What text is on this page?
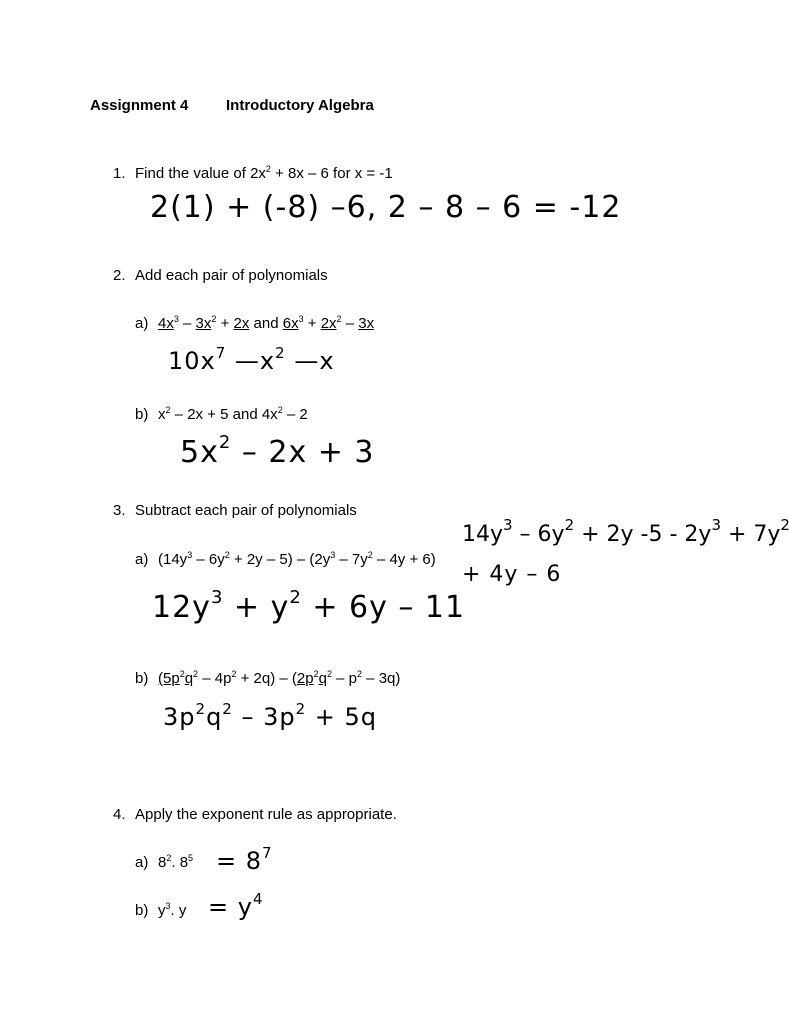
Assignment 4	Introductory Algebra
1. Find the value of $2x^2 + 8x - 6$ for x = -1
2(1) + (-8) –6, 2 – 8 – 6 = -12
2. Add each pair of polynomials
a) $4x^3 - 3x^2 + 2x$ and $6x^3 + 2x^2 - 3x$
$10x^7$ $—x^2$ —x
b) $x^2 - 2x + 5$ and $4x^2 - 2$
$5x^2 - 2x + 3$
3. Subtract each pair of polynomials
$14y^3 - 6y^2 + 2y$ $-5 - 2y^3 + 7y^2$
+ 4y – 6
a) $(14y^3 - 6y^2 + 2y - 5) - (2y^3 - 7y^2 - 4y + 6)$
$12y^3 + y^2 + 6y - 11$
b) $(5p^2q^2 - 4p^2 + 2q) - (2p^2q^2 - p^2 - 3q)$
$3p^2q^2 - 3p^2 + 5q$
4. Apply the exponent rule as appropriate.
a) $8^2$. $8^5 = 8^7$
b) $y^3$. $y = y^4$
